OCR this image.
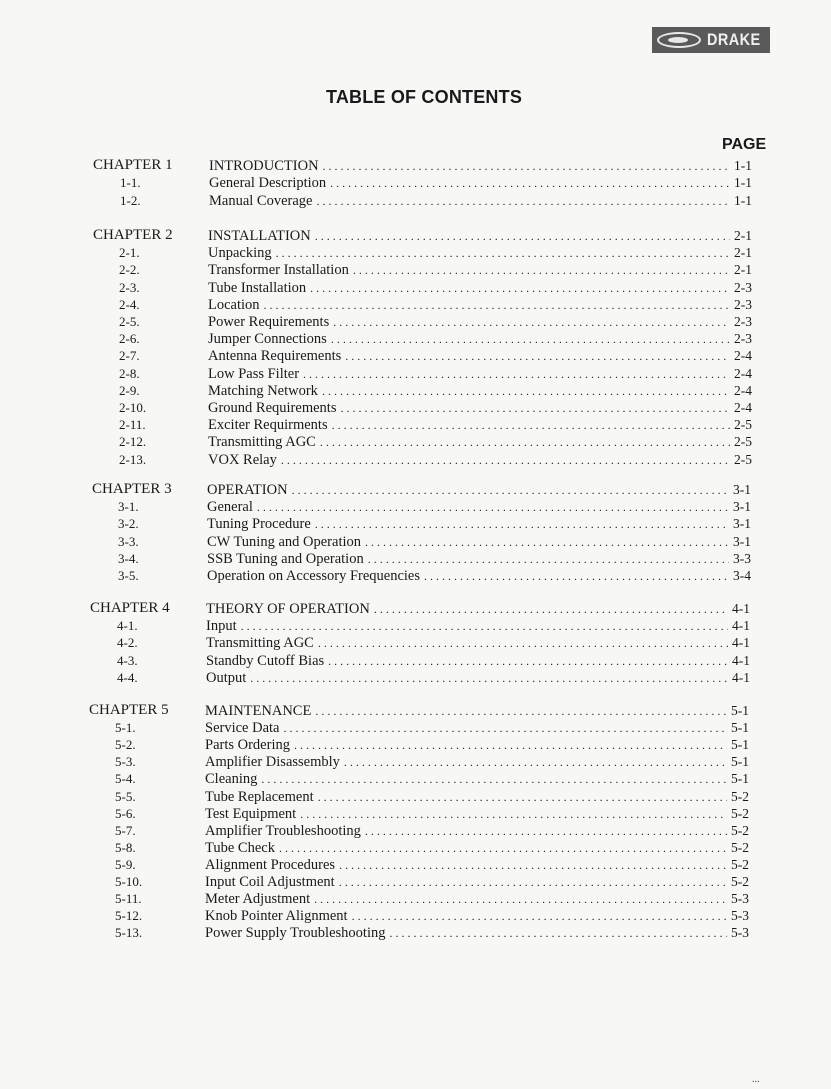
DRAKE
TABLE OF CONTENTS
PAGE
CHAPTER 1	INTRODUCTION . . .	1-1
1-1.	General Description . . .	1-1
1-2.	Manual Coverage . . .	1-1
CHAPTER 2 INSTALLATION . . .	2-1
2-1.	Unpacking . . .	2-1
2-2.	Transformer Installation . . .	2-1
2-3.	Tube Installation . . .	2-3
2-4.	Location . . .	2-3
2-5.	Power Requirements . . .	2-3
2-6.	Jumper Connections . . .	2-3
2-7.	Antenna Requirements . . .	2-4
2-8.	Low Pass Filter . . .	2-4
2-9.	Matching Network . . .	2-4
2-10.	Ground Requirements . . .	2-4
2-11.	Exciter Requirments . . .	2-5
2-12.	Transmitting AGC . . .	2-5
2-13.	VOX Relay . . .	2-5
CHAPTER 3 OPERATION . . .	3-1
3-1.	General . . .	3-1
3-2.	Tuning Procedure . . .	3-1
3-3.	CW Tuning and Operation . . .	3-1
3-4.	SSB Tuning and Operation . . .	3-3
3-5.	Operation on Accessory Frequencies . . .	3-4
CHAPTER 4	THEORY OF OPERATION . . .	4-1
4-1.	Input . . .	4-1
4-2.	Transmitting AGC . . .	4-1
4-3.	Standby Cutoff Bias . . .	4-1
4-4.	Output . . .	4-1
CHAPTER 5	MAINTENANCE . . .	5-1
5-1.	Service Data . . .	5-1
5-2.	Parts Ordering . . .	5-1
5-3.	Amplifier Disassembly . . .	5-1
5-4.	Cleaning . . .	5-1
5-5.	Tube Replacement . . .	5-2
5-6.	Test Equipment . . .	5-2
5-7.	Amplifier Troubleshooting . . .	5-2
5-8.	Tube Check . . .	5-2
5-9.	Alignment Procedures . . .	5-2
5-10.	Input Coil Adjustment . . .	5-2
5-11.	Meter Adjustment . . .	5-3
5-12.	Knob Pointer Alignment . . .	5-3
5-13.	Power Supply Troubleshooting . . .	5-3
...
